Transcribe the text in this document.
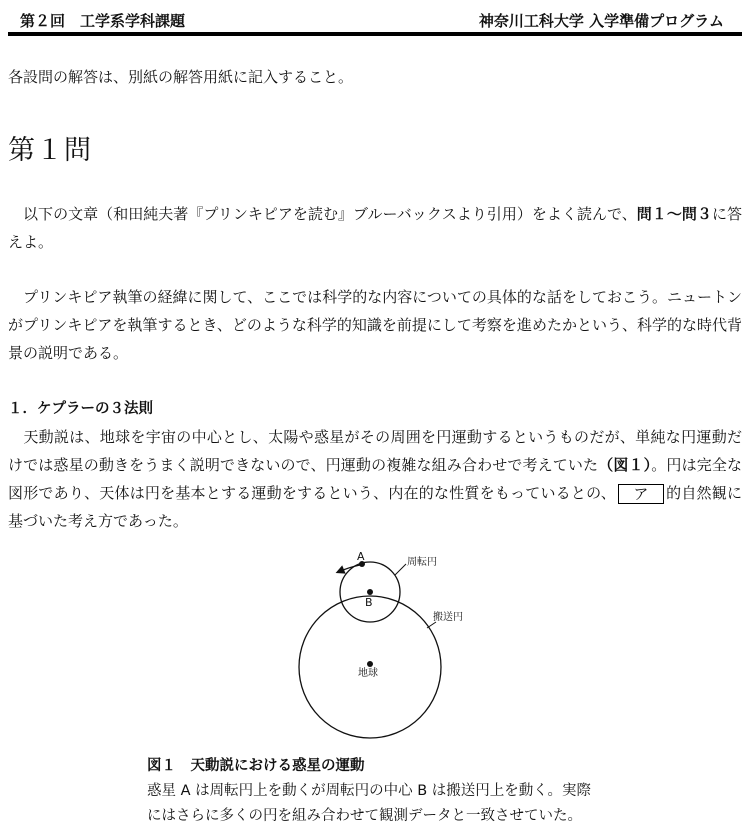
第２回　工学系学科課題	神奈川工科大学 入学準備プログラム
各設問の解答は、別紙の解答用紙に記入すること。
第１問
　以下の文章（和田純夫著『プリンキピアを読む』ブルーバックスより引用）をよく読んで、問１～問３に答えよ。
　プリンキピア執筆の経緯に関して、ここでは科学的な内容についての具体的な話をしておこう。ニュートンがプリンキピアを執筆するとき、どのような科学的知識を前提にして考察を進めたかという、科学的な時代背景の説明である。
１．ケプラーの３法則
　天動説は、地球を宇宙の中心とし、太陽や惑星がその周囲を円運動するというものだが、単純な円運動だけでは惑星の動きをうまく説明できないので、円運動の複雑な組み合わせで考えていた（図１）。円は完全な図形であり、天体は円を基本とする運動をするという、内在的な性質をもっているとの、 ア 的自然観に基づいた考え方であった。
A
B
周転円
搬送円
地球
図１　天動説における惑星の運動
惑星 A は周転円上を動くが周転円の中心 B は搬送円上を動く。実際
にはさらに多くの円を組み合わせて観測データと一致させていた。
